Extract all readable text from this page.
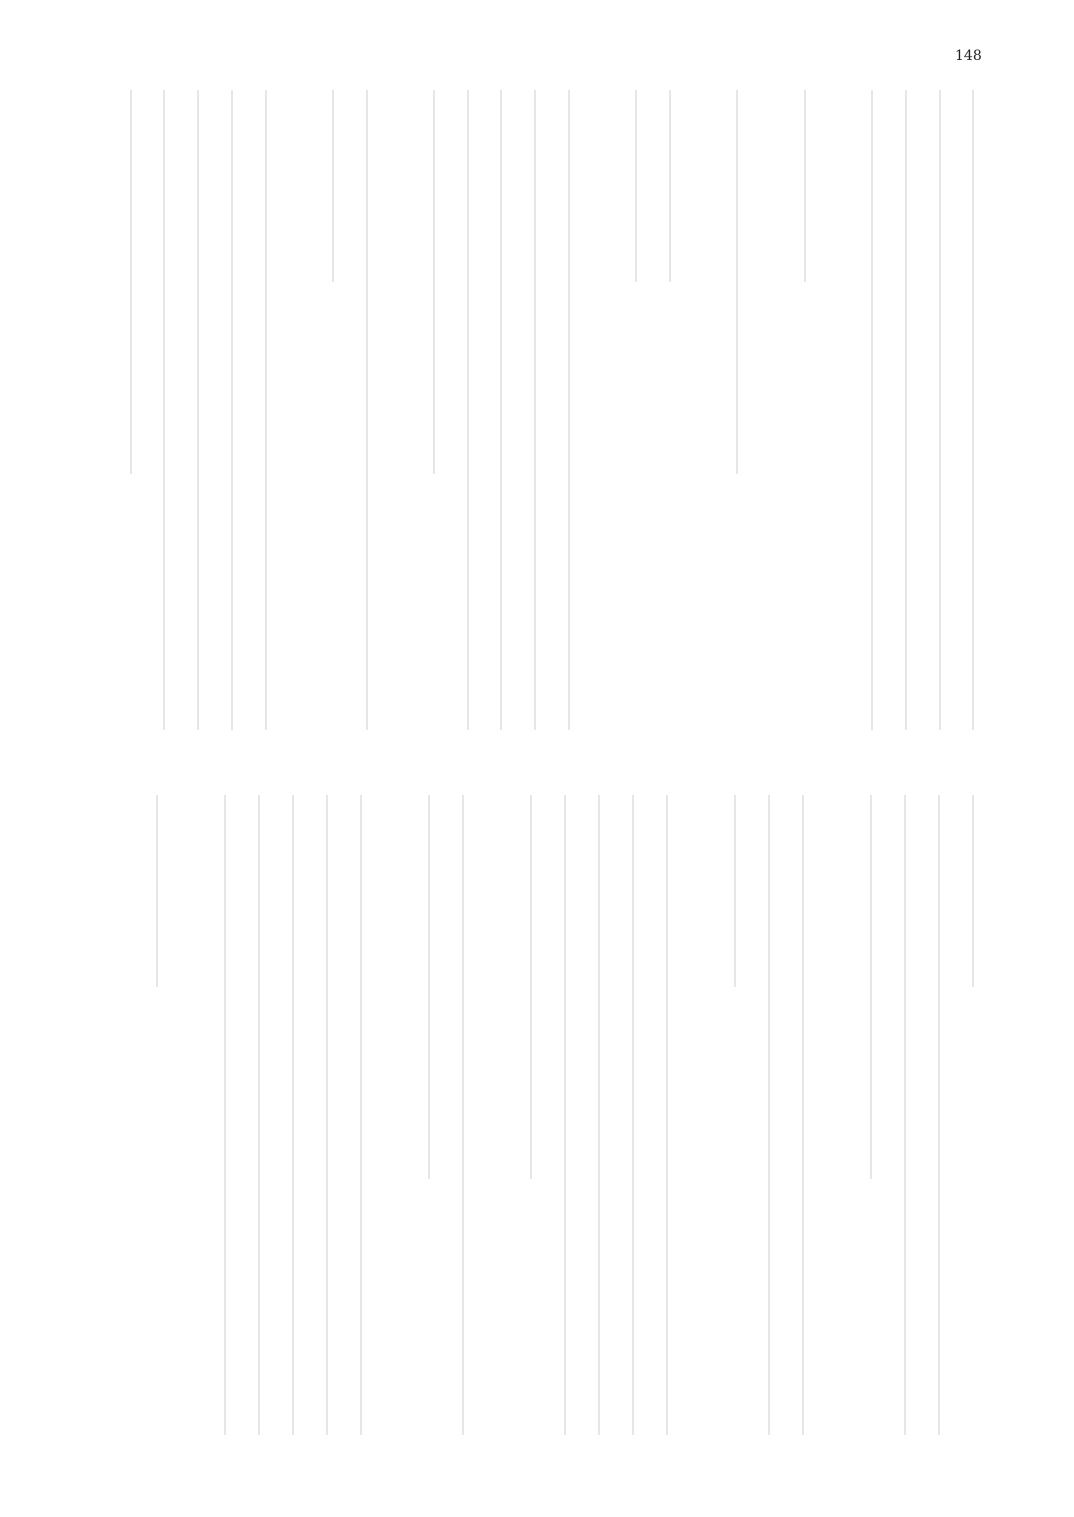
148
